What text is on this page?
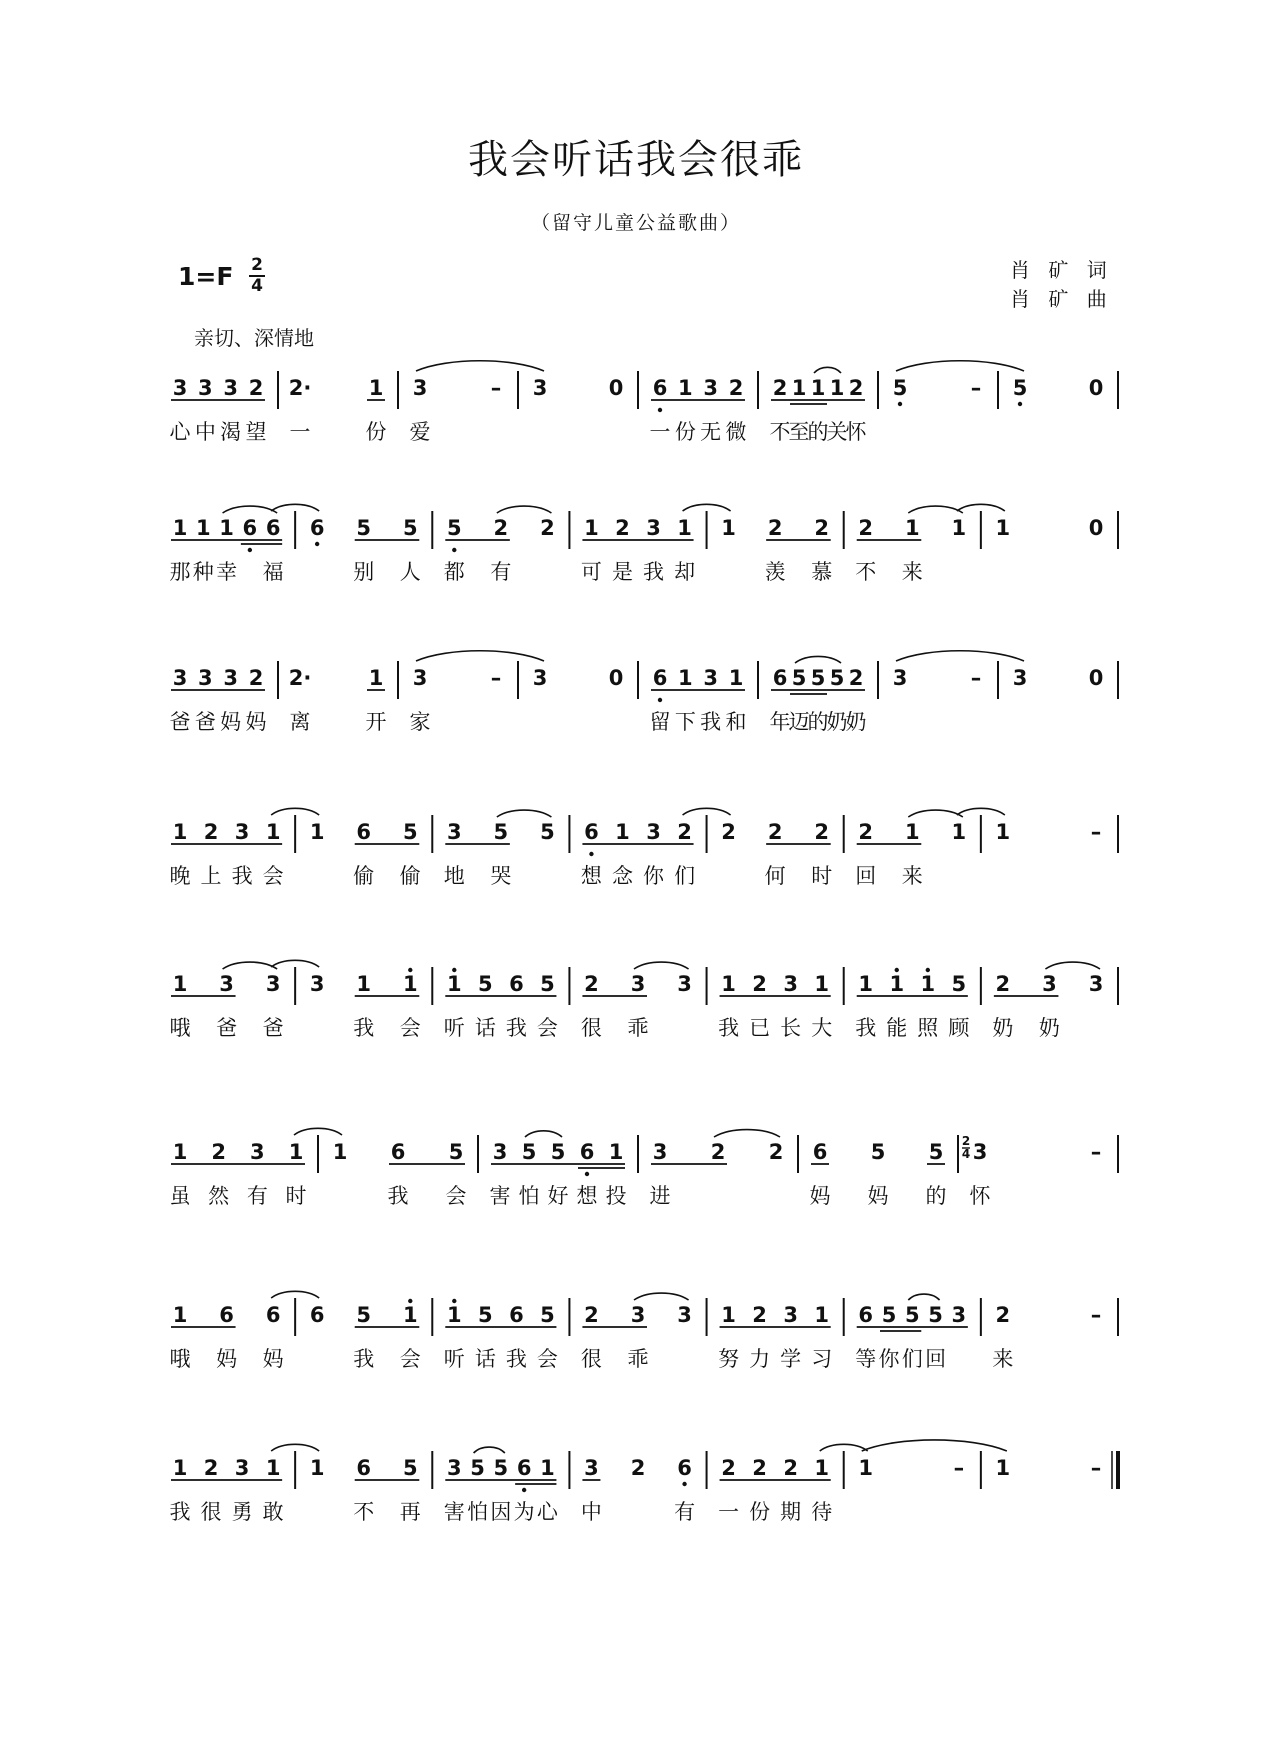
我会听话我会很乖
（留守儿童公益歌曲）
1=F 2
4
肖 矿 词
肖 矿 曲
亲切、深情地
3 3 3 2 2·	1 3	– 3	0 6 1 3 2 2 1 1 1 2 5	– 5	0
心 中 渴 望 一	份 爱	一 份 无 微 不
至
的
关
怀
1 1 1 6 6 6 5 5 5 2 2 1 2 3 1 1 2 2 2 1 1 1	0
那 种 幸 福	别 人 都 有	可 是 我 却	羡 慕 不 来
3 3 3 2 2·	1 3	– 3	0 6 1 3 1 6 5 5 5 2 3	– 3	0
爸 爸 妈 妈 离	开 家	留 下 我 和 年
迈
的
奶
奶
1 2 3 1 1 6 5 3 5 5 6 1 3 2 2 2 2 2 1 1 1	–
晚 上 我 会	偷 偷 地 哭	想 念 你 们	何 时 回 来
1 3 3 3 1 1 1 5 6 5 2 3 3 1 2 3 1 1 1 1 5 2 3 3
哦 爸 爸	我 会 听 话 我 会 很 乖	我 已 长 大 我 能 照 顾 奶 奶
1 2 3 1 1 6 5 3 5 5 6 1 3 2 2 6 5 5 3	–
2
4
虽 然 有 时	我 会 害 怕 好 想 投 进	妈 妈 的 怀
1 6 6 6 5 1 1 5 6 5 2 3 3 1 2 3 1 6 5 5 5 3 2	–
哦 妈 妈	我 会 听 话 我 会 很 乖	努 力 学 习 等 你 们 回 来
1 2 3 1 1 6 5 3 5 5 6 1 3 2 6 2 2 2 1 1	– 1	–
我 很 勇 敢	不 再 害 怕 因 为 心 中	有 一 份 期 待
